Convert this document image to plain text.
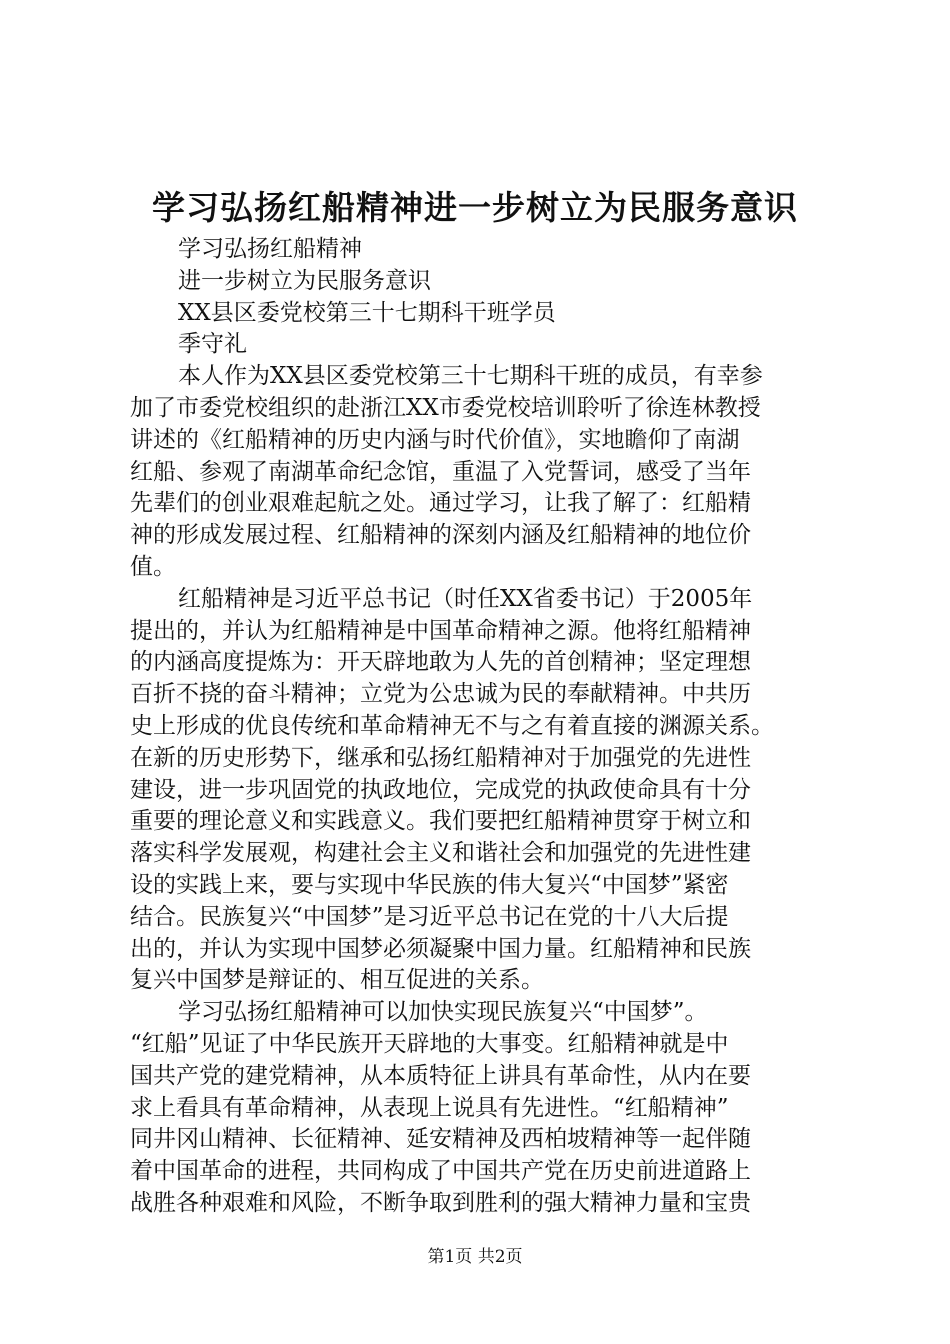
学习弘扬红船精神进一步树立为民服务意识
学习弘扬红船精神
进一步树立为民服务意识
XX县区委党校第三十七期科干班学员
季守礼
本人作为XX县区委党校第三十七期科干班的成员，有幸参
加了市委党校组织的赴浙江XX市委党校培训聆听了徐连林教授
讲述的《红船精神的历史内涵与时代价值》，实地瞻仰了南湖
红船、参观了南湖革命纪念馆，重温了入党誓词，感受了当年
先辈们的创业艰难起航之处。通过学习，让我了解了：红船精
神的形成发展过程、红船精神的深刻内涵及红船精神的地位价
值。
红船精神是习近平总书记（时任XX省委书记）于2005年
提出的，并认为红船精神是中国革命精神之源。他将红船精神
的内涵高度提炼为：开天辟地敢为人先的首创精神；坚定理想
百折不挠的奋斗精神；立党为公忠诚为民的奉献精神。中共历
史上形成的优良传统和革命精神无不与之有着直接的渊源关系。
在新的历史形势下，继承和弘扬红船精神对于加强党的先进性
建设，进一步巩固党的执政地位，完成党的执政使命具有十分
重要的理论意义和实践意义。我们要把红船精神贯穿于树立和
落实科学发展观，构建社会主义和谐社会和加强党的先进性建
设的实践上来，要与实现中华民族的伟大复兴“中国梦”紧密
结合。民族复兴“中国梦”是习近平总书记在党的十八大后提
出的，并认为实现中国梦必须凝聚中国力量。红船精神和民族
复兴中国梦是辩证的、相互促进的关系。
学习弘扬红船精神可以加快实现民族复兴“中国梦”。
“红船”见证了中华民族开天辟地的大事变。红船精神就是中
国共产党的建党精神，从本质特征上讲具有革命性，从内在要
求上看具有革命精神，从表现上说具有先进性。“红船精神”
同井冈山精神、长征精神、延安精神及西柏坡精神等一起伴随
着中国革命的进程，共同构成了中国共产党在历史前进道路上
战胜各种艰难和风险，不断争取到胜利的强大精神力量和宝贵
第1页 共2页
